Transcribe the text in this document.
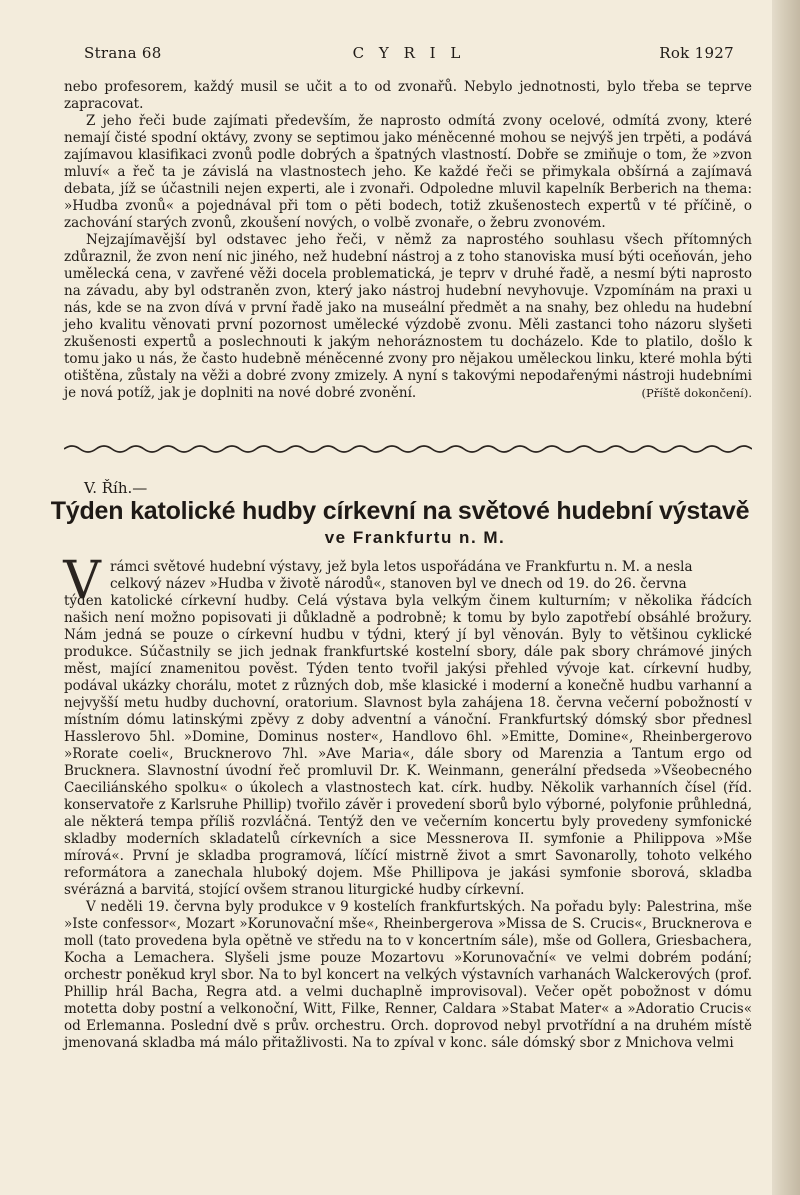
Strana 68	C Y R I L	Rok 1927

nebo profesorem, každý musil se učit a to od zvonařů. Nebylo jednotnosti, bylo třeba se teprve zapracovat.

Z jeho řeči bude zajímati především, že naprosto odmítá zvony ocelové, odmítá zvony, které nemají čisté spodní oktávy, zvony se septimou jako méněcenné mohou se nejvýš jen trpěti, a podává zajímavou klasifikaci zvonů podle dobrých a špatných vlastností. Dobře se zmiňuje o tom, že »zvon mluví« a řeč ta je závislá na vlastnostech jeho. Ke každé řeči se přimykala obšírná a zajímavá debata, jíž se účastnili nejen experti, ale i zvonaři. Odpoledne mluvil kapelník Berberich na thema: »Hudba zvonů« a pojednával při tom o pěti bodech, totiž zkušenostech expertů v té příčině, o zachování starých zvonů, zkoušení nových, o volbě zvonaře, o žebru zvonovém.

Nejzajímavější byl odstavec jeho řeči, v němž za naprostého souhlasu všech přítomných zdůraznil, že zvon není nic jiného, než hudební nástroj a z toho stanoviska musí býti oceňován, jeho umělecká cena, v zavřené věži docela problematická, je teprv v druhé řadě, a nesmí býti naprosto na závadu, aby byl odstraněn zvon, který jako nástroj hudební nevyhovuje. Vzpomínám na praxi u nás, kde se na zvon dívá v první řadě jako na museální předmět a na snahy, bez ohledu na hudební jeho kvalitu věnovati první pozornost umělecké výzdobě zvonu. Měli zastanci toho názoru slyšeti zkušenosti expertů a poslechnouti k jakým nehoráznostem tu docházelo. Kde to platilo, došlo k tomu jako u nás, že často hudebně méněcenné zvony pro nějakou uměleckou linku, které mohla býti otištěna, zůstaly na věži a dobré zvony zmizely. A nyní s takovými nepodařenými nástroji hudebními je nová potíž, jak je doplniti na nové dobré zvonění.	(Příště dokončení).

V. Říh.—
Týden katolické hudby církevní na světové hudební výstavě
ve Frankfurtu n. M.
V rámci světové hudební výstavy, jež byla letos uspořádána ve Frankfurtu n. M. a nesla
celkový název »Hudba v životě národů«, stanoven byl ve dnech od 19. do 26. června
týden katolické církevní hudby. Celá výstava byla velkým činem kulturním; v několika řádcích našich není možno popisovati ji důkladně a podrobně; k tomu by bylo zapotřebí obsáhlé brožury. Nám jedná se pouze o církevní hudbu v týdni, který jí byl věnován. Byly to většinou cyklické produkce. Súčastnily se jich jednak frankfurtské kostelní sbory, dále pak sbory chrámové jiných měst, mající znamenitou pověst. Týden tento tvořil jakýsi přehled vývoje kat. církevní hudby, podával ukázky chorálu, motet z různých dob, mše klasické i moderní a konečně hudbu varhanní a nejvyšší metu hudby duchovní, oratorium. Slavnost byla zahájena 18. června večerní pobožností v místním dómu latinskými zpěvy z doby adventní a vánoční. Frankfurtský dómský sbor přednesl Hasslerovo 5hl. »Domine, Dominus noster«, Handlovo 6hl. »Emitte, Domine«, Rheinbergerovo »Rorate coeli«, Brucknerovo 7hl. »Ave Maria«, dále sbory od Marenzia a Tantum ergo od Brucknera. Slavnostní úvodní řeč promluvil Dr. K. Weinmann, generální předseda »Všeobecného Caeciliánského spolku« o úkolech a vlastnostech kat. círk. hudby. Několik varhanních čísel (říd. konservatoře z Karlsruhe Phillip) tvořilo závěr i provedení sborů bylo výborné, polyfonie průhledná, ale některá tempa příliš rozvláčná. Tentýž den ve večerním koncertu byly provedeny symfonické skladby moderních skladatelů církevních a sice Messnerova II. symfonie a Philippova »Mše mírová«. První je skladba programová, líčící mistrně život a smrt Savonarolly, tohoto velkého reformátora a zanechala hluboký dojem. Mše Phillipova je jakási symfonie sborová, skladba svérázná a barvitá, stojící ovšem stranou liturgické hudby církevní.

V neděli 19. června byly produkce v 9 kostelích frankfurtských. Na pořadu byly: Palestrina, mše »Iste confessor«, Mozart »Korunovační mše«, Rheinbergerova »Missa de S. Crucis«, Brucknerova e moll (tato provedena byla opětně ve středu na to v koncertním sále), mše od Gollera, Griesbachera, Kocha a Lemachera. Slyšeli jsme pouze Mozartovu »Korunovační« ve velmi dobrém podání; orchestr poněkud kryl sbor. Na to byl koncert na velkých výstavních varhanách Walckerových (prof. Phillip hrál Bacha, Regra atd. a velmi duchaplně improvisoval). Večer opět pobožnost v dómu motetta doby postní a velkonoční, Witt, Filke, Renner, Caldara »Stabat Mater« a »Adoratio Crucis« od Erlemanna. Poslední dvě s prův. orchestru. Orch. doprovod nebyl prvotřídní a na druhém místě jmenovaná skladba má málo přitažlivosti. Na to zpíval v konc. sále dómský sbor z Mnichova velmi
